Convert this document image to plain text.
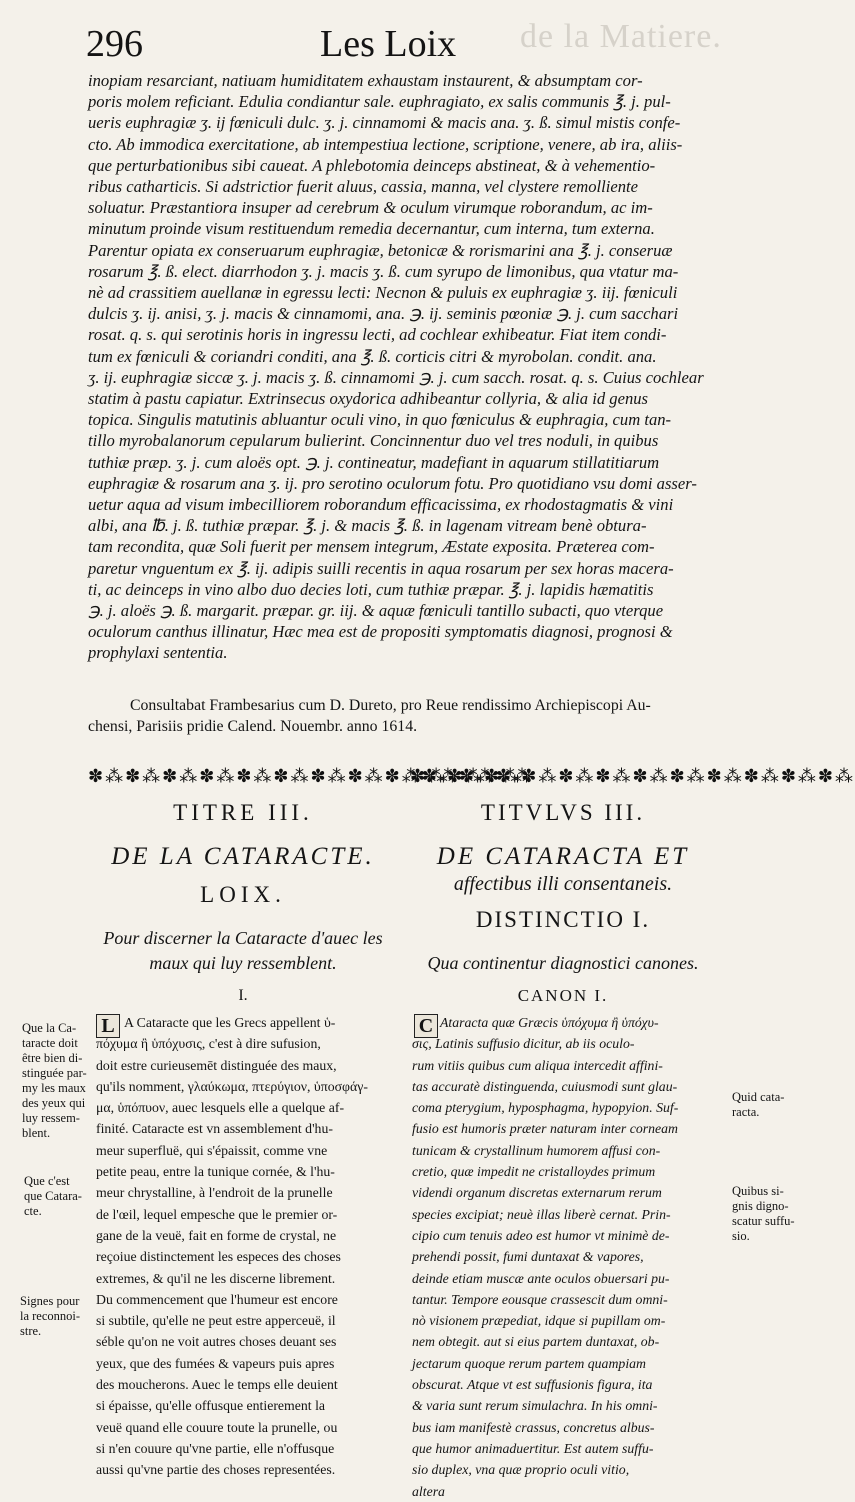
de la Matiere.
296	Les Loix
inopiam resarciant, natiuam humiditatem exhaustam instaurent, & absumptam cor-
poris molem reficiant. Edulia condiantur sale. euphragiato, ex salis communis ℥. j. pul-
ueris euphragiæ ʒ. ij fœniculi dulc. ʒ. j. cinnamomi & macis ana. ʒ. ß. simul mistis confe-
cto. Ab immodica exercitatione, ab intempestiua lectione, scriptione, venere, ab ira, aliis-
que perturbationibus sibi caueat. A phlebotomia deinceps abstineat, & à vehementio-
ribus catharticis. Si adstrictior fuerit aluus, cassia, manna, vel clystere remolliente
soluatur. Præstantiora insuper ad cerebrum & oculum virumque roborandum, ac im-
minutum proinde visum restituendum remedia decernantur, cum interna, tum externa.
Parentur opiata ex conseruarum euphragiæ, betonicæ & rorismarini ana ℥. j. conseruæ
rosarum ℥. ß. elect. diarrhodon ʒ. j. macis ʒ. ß. cum syrupo de limonibus, qua vtatur ma-
nè ad crassitiem auellanæ in egressu lecti: Necnon & puluis ex euphragiæ ʒ. iij. fœniculi
dulcis ʒ. ij. anisi, ʒ. j. macis & cinnamomi, ana. ℈. ij. seminis pœoniæ ℈. j. cum sacchari
rosat. q. s. qui serotinis horis in ingressu lecti, ad cochlear exhibeatur. Fiat item condi-
tum ex fœniculi & coriandri conditi, ana ℥. ß. corticis citri & myrobolan. condit. ana.
ʒ. ij. euphragiæ siccæ ʒ. j. macis ʒ. ß. cinnamomi ℈. j. cum sacch. rosat. q. s. Cuius cochlear
statim à pastu capiatur. Extrinsecus oxydorica adhibeantur collyria, & alia id genus
topica. Singulis matutinis abluantur oculi vino, in quo fœniculus & euphragia, cum tan-
tillo myrobalanorum cepularum bulierint. Concinnentur duo vel tres noduli, in quibus
tuthiæ præp. ʒ. j. cum aloës opt. ℈. j. contineatur, madefiant in aquarum stillatitiarum
euphragiæ & rosarum ana ʒ. ij. pro serotino oculorum fotu. Pro quotidiano vsu domi asser-
uetur aqua ad visum imbecilliorem roborandum efficacissima, ex rhodostagmatis & vini
albi, ana ℔. j. ß. tuthiæ præpar. ℥. j. & macis ℥. ß. in lagenam vitream benè obtura-
tam recondita, quæ Soli fuerit per mensem integrum, Æstate exposita. Præterea com-
paretur vnguentum ex ℥. ij. adipis suilli recentis in aqua rosarum per sex horas macera-
ti, ac deinceps in vino albo duo decies loti, cum tuthiæ præpar. ℥. j. lapidis hæmatitis
℈. j. aloës ℈. ß. margarit. præpar. gr. iij. & aquæ fœniculi tantillo subacti, quo vterque
oculorum canthus illinatur, Hæc mea est de propositi symptomatis diagnosi, prognosi &
prophylaxi sententia.
Consultabat Frambesarius cum D. Dureto, pro Reue rendissimo Archiepiscopi Au-
chensi, Parisiis pridie Calend. Nouembr. anno 1614.
✽⁂✽⁂✽⁂✽⁂✽⁂✽⁂✽⁂✽⁂✽⁂✽⁂✽⁂✽⁂
✽⁂✽⁂✽⁂✽⁂✽⁂✽⁂✽⁂✽⁂✽⁂✽⁂✽⁂✽⁂
TITRE III.	TITVLVS III.
DE LA CATARACTE.	DE CATARACTA ET
affectibus illi consentaneis.
LOIX.
DISTINCTIO I.
Pour discerner la Cataracte d'auec les
maux qui luy ressemblent.	Qua continentur diagnostici canones.
I.	CANON I.
L	C
A Cataracte que les Grecs appellent ὑ-
πόχυμα ἢ ὑπόχυσις, c'est à dire sufusion,
doit estre curieusemēt distinguée des maux,
qu'ils nomment, γλαύκωμα, πτερύγιον, ὑποσφάγ-
μα, ὑπόπυον, auec lesquels elle a quelque af-
finité. Cataracte est vn assemblement d'hu-
meur superfluë, qui s'épaissit, comme vne
petite peau, entre la tunique cornée, & l'hu-
meur chrystalline, à l'endroit de la prunelle
de l'œil, lequel empesche que le premier or-
gane de la veuë, fait en forme de crystal, ne
reçoiue distinctement les especes des choses
extremes, & qu'il ne les discerne librement.
Du commencement que l'humeur est encore
si subtile, qu'elle ne peut estre apperceuë, il
séble qu'on ne voit autres choses deuant ses
yeux, que des fumées & vapeurs puis apres
des moucherons. Auec le temps elle deuient
si épaisse, qu'elle offusque entierement la
veuë quand elle couure toute la prunelle, ou
si n'en couure qu'vne partie, elle n'offusque
aussi qu'vne partie des choses representées.
Ataracta quæ Græcis ὑπόχυμα ἢ ὑπόχυ-
σις, Latinis suffusio dicitur, ab iis oculo-
rum vitiis quibus cum aliqua intercedit affini-
tas accuratè distinguenda, cuiusmodi sunt glau-
coma pterygium, hyposphagma, hypopyion. Suf-
fusio est humoris præter naturam inter corneam
tunicam & crystallinum humorem affusi con-
cretio, quæ impedit ne cristalloydes primum
videndi organum discretas externarum rerum
species excipiat; neuè illas liberè cernat. Prin-
cipio cum tenuis adeo est humor vt minimè de-
prehendi possit, fumi duntaxat & vapores,
deinde etiam muscæ ante oculos obuersari pu-
tantur. Tempore eousque crassescit dum omni-
nò visionem præpediat, idque si pupillam om-
nem obtegit. aut si eius partem duntaxat, ob-
jectarum quoque rerum partem quampiam
obscurat. Atque vt est suffusionis figura, ita
& varia sunt rerum simulachra. In his omni-
bus iam manifestè crassus, concretus albus-
que humor animaduertitur. Est autem suffu-
sio duplex, vna quæ proprio oculi vitio,
altera
Que la Ca-
taracte doit
être bien di-
stinguée par-
my les maux
des yeux qui
luy ressem-
blent.
Que c'est
que Catara-
cte.
Signes pour
la reconnoi-
stre.
Quid cata-
racta.
Quibus si-
gnis digno-
scatur suffu-
sio.
